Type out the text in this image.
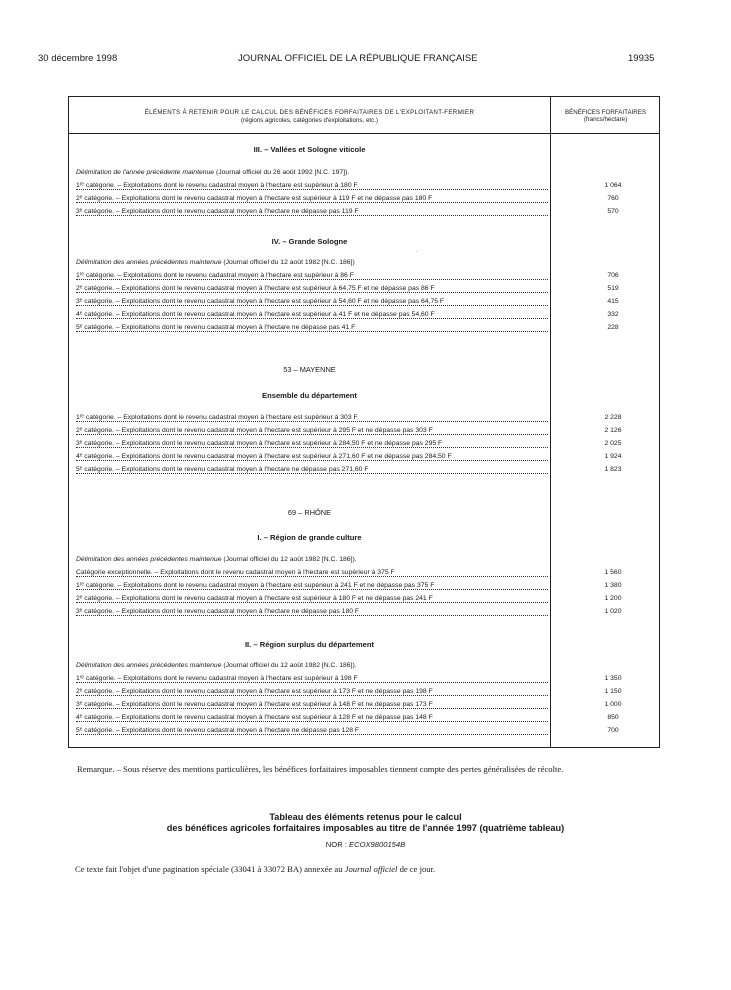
30 décembre 1998	JOURNAL OFFICIEL DE LA RÉPUBLIQUE FRANÇAISE	19935
ÉLÉMENTS À RETENIR POUR LE CALCUL DES BÉNÉFICES FORFAITAIRES DE L'EXPLOITANT-FERMIER
(régions agricoles, catégories d'exploitations, etc.)
BÉNÉFICES FORFAITAIRES
(francs/hectare)
III. – Vallées et Sologne viticole
Délimitation de l'année précédente maintenue (Journal officiel du 26 août 1992 [N.C. 197]).
1ʳᵉ catégorie. – Exploitations dont le revenu cadastral moyen à l'hectare est supérieur à 180 F	1 064
2ᵉ catégorie. – Exploitations dont le revenu cadastral moyen à l'hectare est supérieur à 119 F et ne dépasse pas 180 F	760
3ᵉ catégorie. – Exploitations dont le revenu cadastral moyen à l'hectare ne dépasse pas 119 F	570
IV. – Grande Sologne
Délimitation des années précédentes maintenue (Journal officiel du 12 août 1982 [N.C. 186])
1ʳᵉ catégorie. – Exploitations dont le revenu cadastral moyen à l'hectare est supérieur à 86 F	706
2ᵉ catégorie. – Exploitations dont le revenu cadastral moyen à l'hectare est supérieur à 64,75 F et ne dépasse pas 86 F	519
3ᵉ catégorie. – Exploitations dont le revenu cadastral moyen à l'hectare est supérieur à 54,60 F et ne dépasse pas 64,75 F	415
4ᵉ catégorie. – Exploitations dont le revenu cadastral moyen à l'hectare est supérieur à 41 F et ne dépasse pas 54,60 F	332
5ᵉ catégorie. – Exploitations dont le revenu cadastral moyen à l'hectare ne dépasse pas 41 F	228
53 – MAYENNE
Ensemble du département
1ʳᵉ catégorie. – Exploitations dont le revenu cadastral moyen à l'hectare est supérieur à 303 F	2 228
2ᵉ catégorie. – Exploitations dont le revenu cadastral moyen à l'hectare est supérieur à 295 F et ne dépasse pas 303 F	2 126
3ᵉ catégorie. – Exploitations dont le revenu cadastral moyen à l'hectare est supérieur à 284,50 F et ne dépasse pas 295 F	2 025
4ᵉ catégorie. – Exploitations dont le revenu cadastral moyen à l'hectare est supérieur à 271,60 F et ne dépasse pas 284,50 F	1 924
5ᵉ catégorie. – Exploitations dont le revenu cadastral moyen à l'hectare ne dépasse pas 271,60 F	1 823
69 – RHÔNE
I. – Région de grande culture
Délimitation des années précédentes maintenue (Journal officiel du 12 août 1982 [N.C. 186]).
Catégorie exceptionnelle. – Exploitations dont le revenu cadastral moyen à l'hectare est supérieur à 375 F	1 560
1ʳᵉ catégorie. – Exploitations dont le revenu cadastral moyen à l'hectare est supérieur à 241 F et ne dépasse pas 375 F	1 380
2ᵉ catégorie. – Exploitations dont le revenu cadastral moyen à l'hectare est supérieur à 180 F et ne dépasse pas 241 F	1 200
3ᵉ catégorie. – Exploitations dont le revenu cadastral moyen à l'hectare ne dépasse pas 180 F	1 020
II. – Région surplus du département
Délimitation des années précédentes maintenue (Journal officiel du 12 août 1982 [N.C. 186]).
1ʳᵉ catégorie. – Exploitations dont le revenu cadastral moyen à l'hectare est supérieur à 198 F	1 350
2ᵉ catégorie. – Exploitations dont le revenu cadastral moyen à l'hectare est supérieur à 173 F et ne dépasse pas 198 F	1 150
3ᵉ catégorie. – Exploitations dont le revenu cadastral moyen à l'hectare est supérieur à 148 F et ne dépasse pas 173 F	1 000
4ᵉ catégorie. – Exploitations dont le revenu cadastral moyen à l'hectare est supérieur à 128 F et ne dépasse pas 148 F	850
5ᵉ catégorie. – Exploitations dont le revenu cadastral moyen à l'hectare ne dépasse pas 128 F	700
·
Remarque. – Sous réserve des mentions particulières, les bénéfices forfaitaires imposables tiennent compte des pertes généralisées de récolte.
Tableau des éléments retenus pour le calcul
des bénéfices agricoles forfaitaires imposables au titre de l'année 1997 (quatrième tableau)
NOR : ECOX9800154B
Ce texte fait l'objet d'une pagination spéciale (33041 à 33072 BA) annexée au Journal officiel de ce jour.
